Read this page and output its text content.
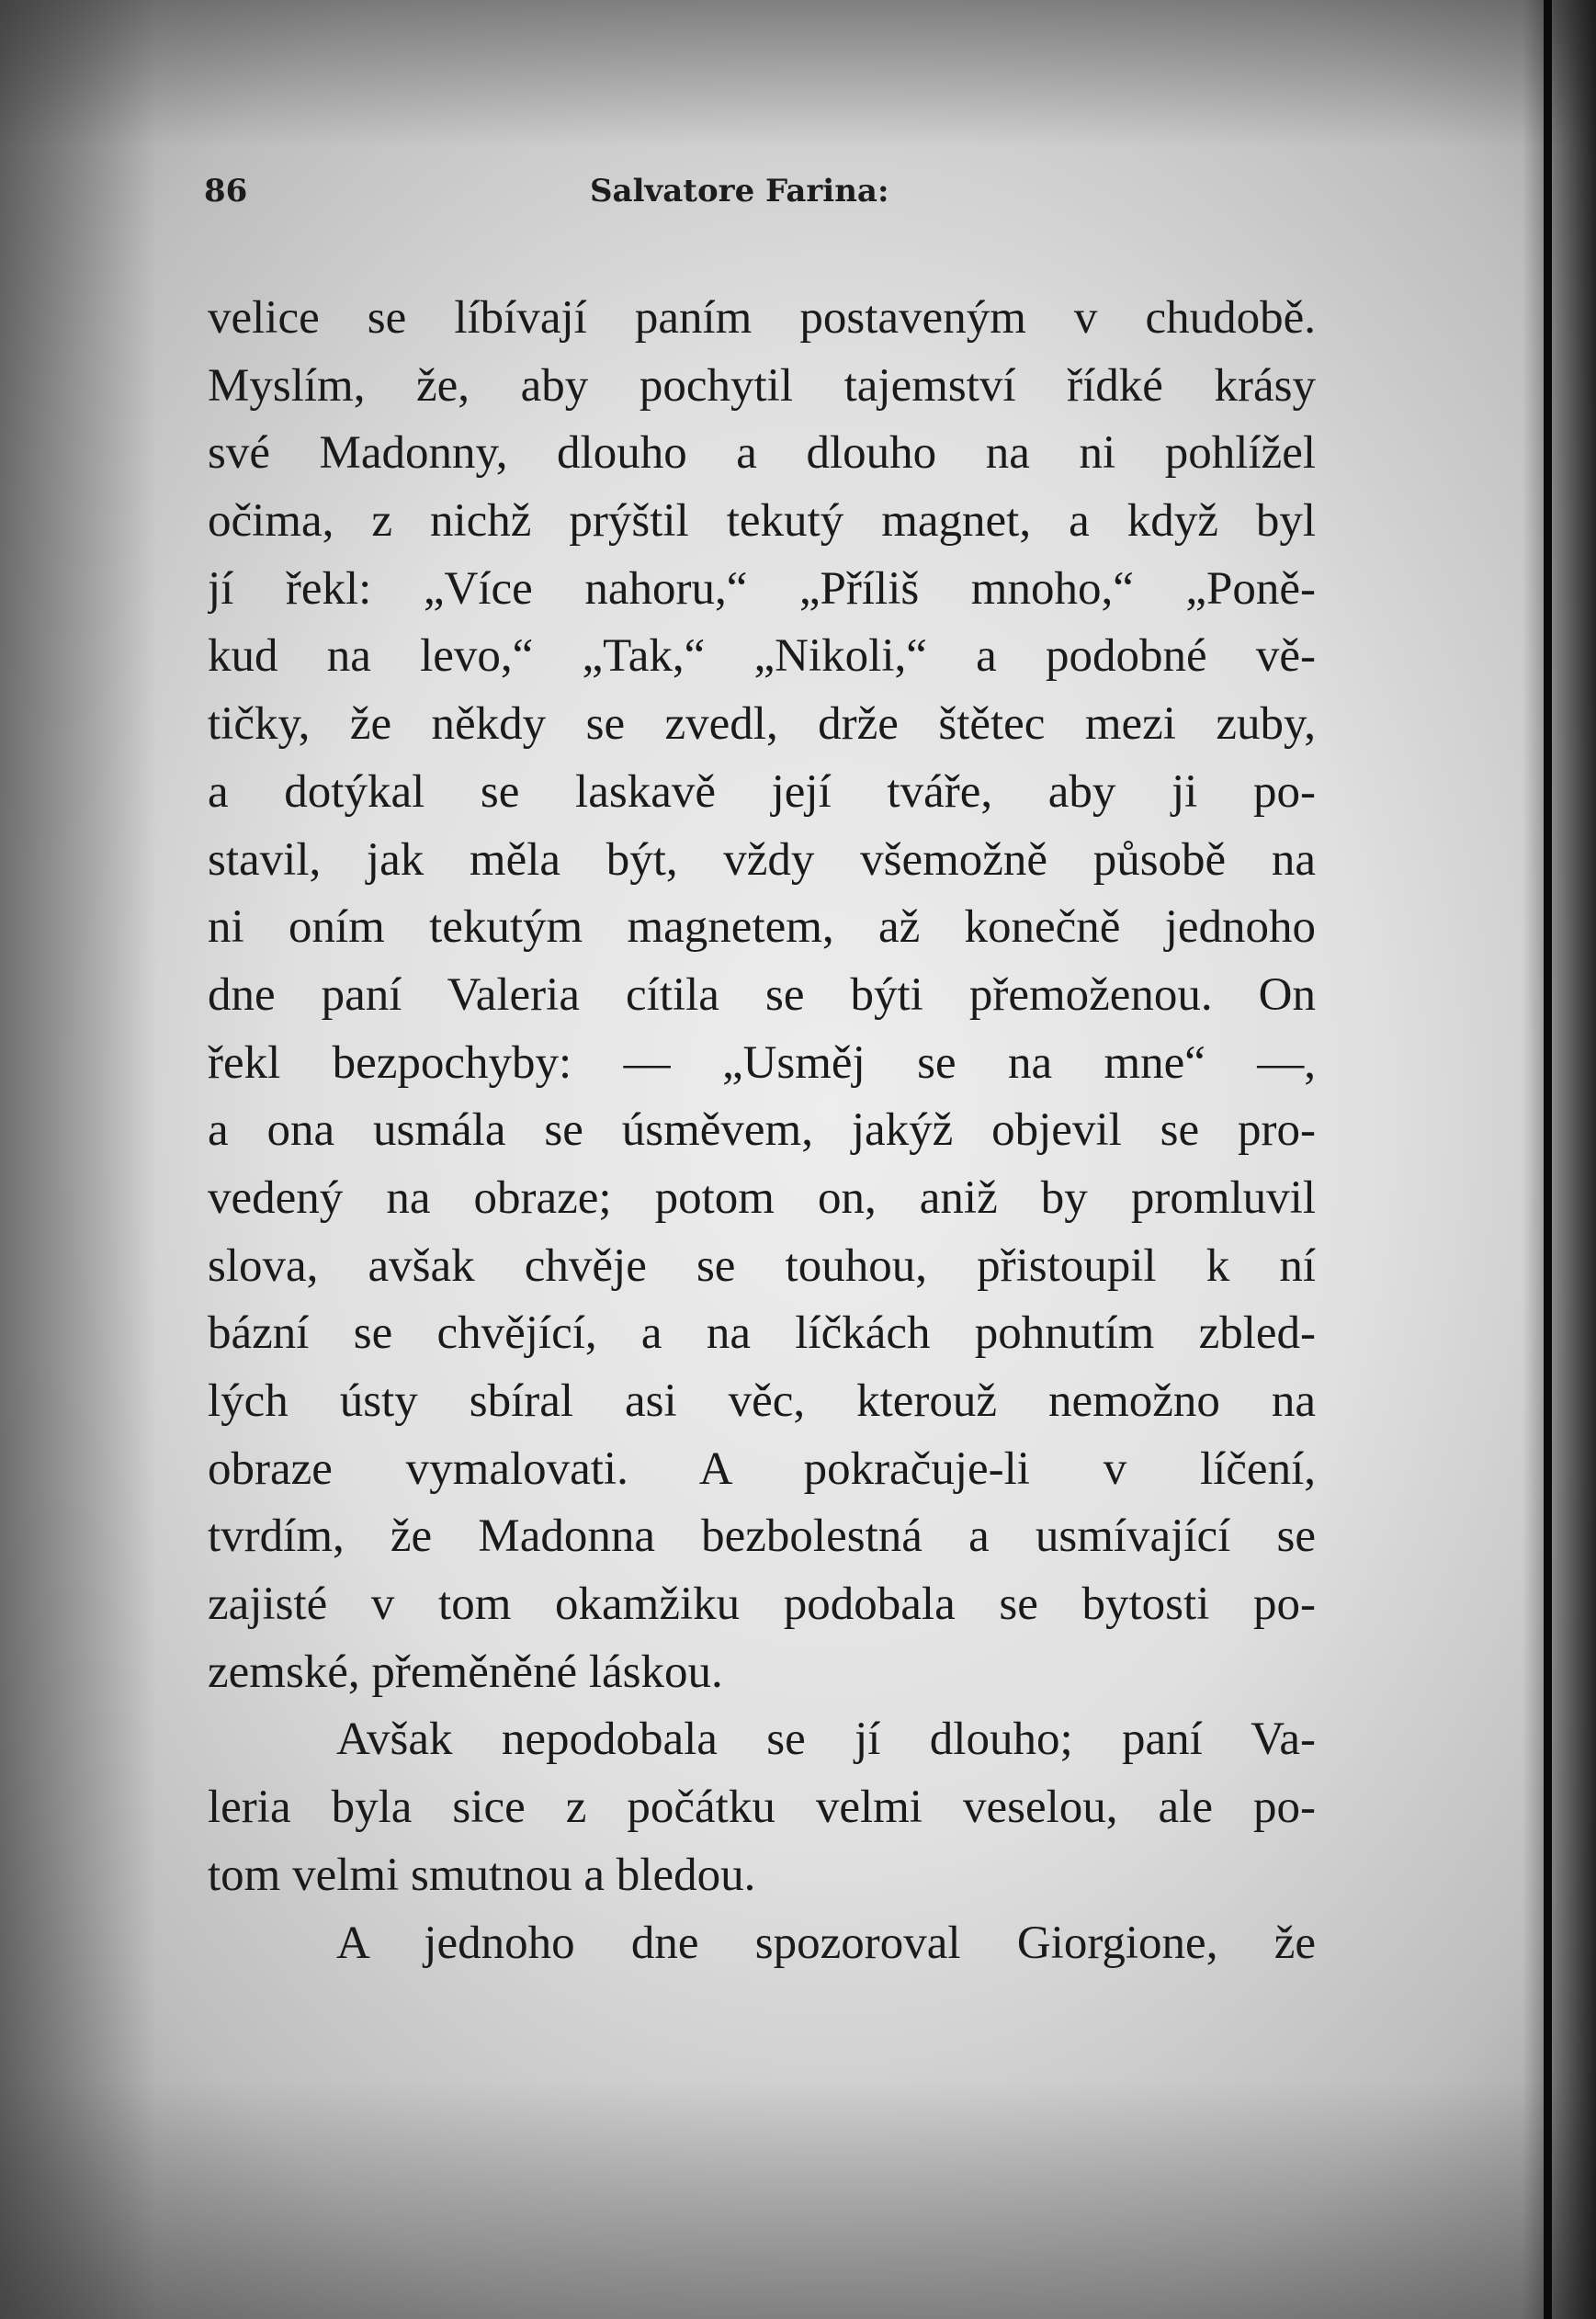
86	Salvatore Farina:
velice se líbívají paním postaveným v chudobě.
Myslím, že, aby pochytil tajemství řídké krásy
své Madonny, dlouho a dlouho na ni pohlížel
očima, z nichž prýštil tekutý magnet, a když byl
jí řekl: „Více nahoru,“ „Příliš mnoho,“ „Poně-
kud na levo,“ „Tak,“ „Nikoli,“ a podobné vě-
tičky, že někdy se zvedl, drže štětec mezi zuby,
a dotýkal se laskavě její tváře, aby ji po-
stavil, jak měla být, vždy všemožně působě na
ni oním tekutým magnetem, až konečně jednoho
dne paní Valeria cítila se býti přemoženou. On
řekl bezpochyby: — „Usměj se na mne“ —,
a ona usmála se úsměvem, jakýž objevil se pro-
vedený na obraze; potom on, aniž by promluvil
slova, avšak chvěje se touhou, přistoupil k ní
bázní se chvějící, a na líčkách pohnutím zbled-
lých ústy sbíral asi věc, kterouž nemožno na
obraze vymalovati. A pokračuje-li v líčení,
tvrdím, že Madonna bezbolestná a usmívající se
zajisté v tom okamžiku podobala se bytosti po-
zemské, přeměněné láskou.
Avšak nepodobala se jí dlouho; paní Va-
leria byla sice z počátku velmi veselou, ale po-
tom velmi smutnou a bledou.
A jednoho dne spozoroval Giorgione, že
